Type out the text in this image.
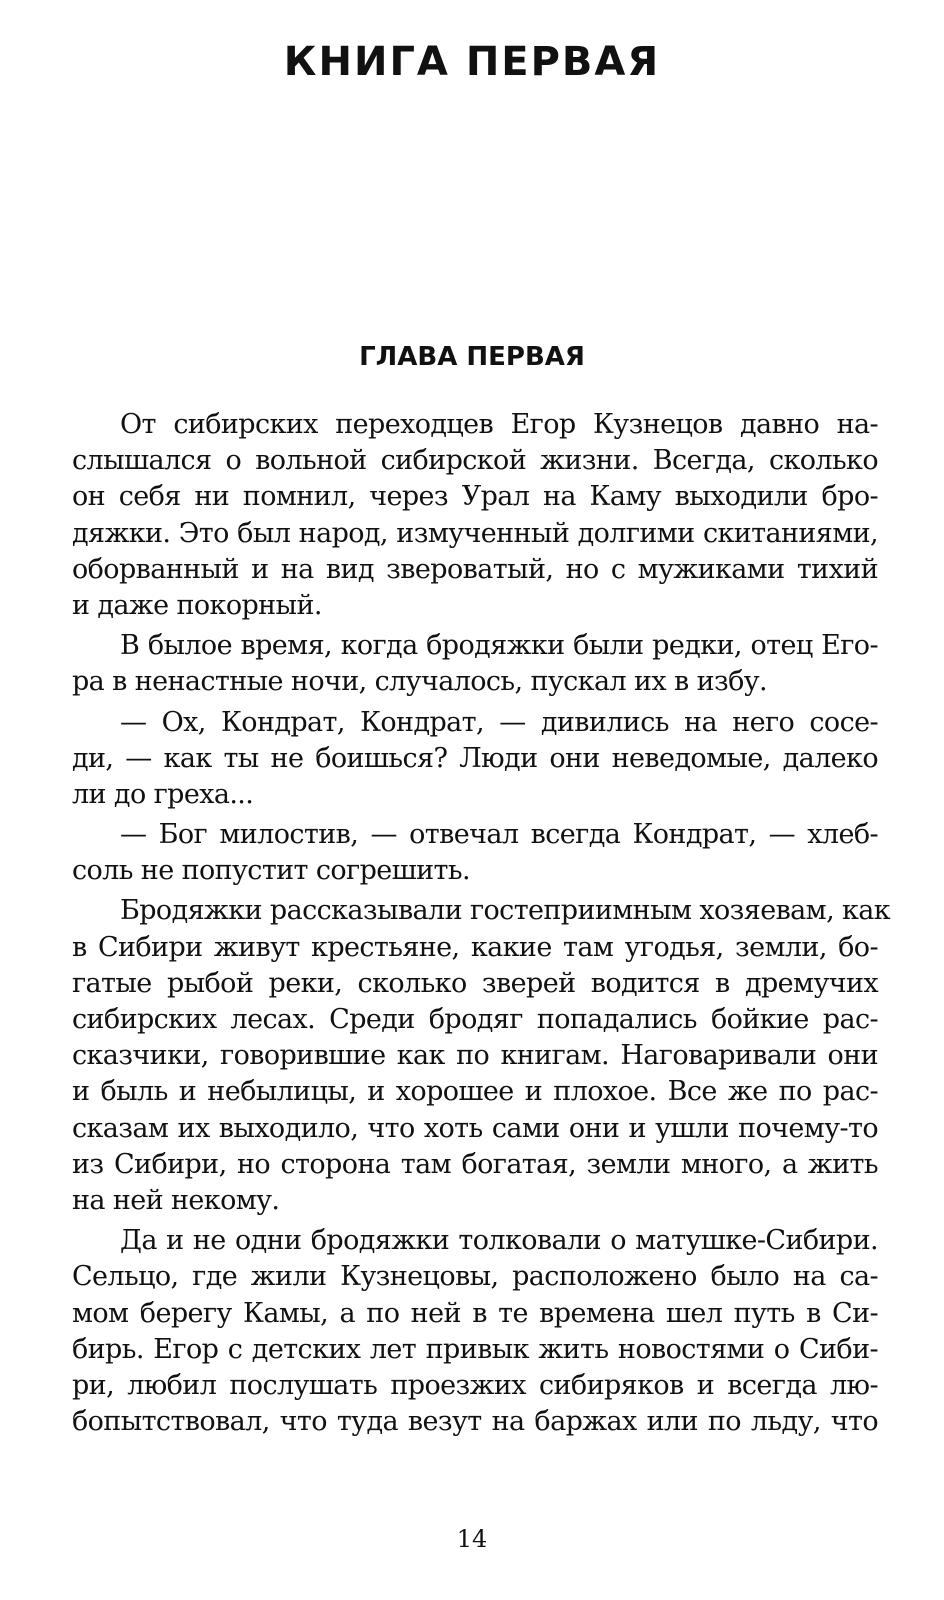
КНИГА ПЕРВАЯ
ГЛАВА ПЕРВАЯ
От сибирских переходцев Егор Кузнецов давно на-
слышался о вольной сибирской жизни. Всегда, сколько
он себя ни помнил, через Урал на Каму выходили бро-
дяжки. Это был народ, измученный долгими скитаниями,
оборванный и на вид звероватый, но с мужиками тихий
и даже покорный.
В былое время, когда бродяжки были редки, отец Его-
ра в ненастные ночи, случалось, пускал их в избу.
— Ох, Кондрат, Кондрат, — дивились на него сосе-
ди, — как ты не боишься? Люди они неведомые, далеко
ли до греха...
— Бог милостив, — отвечал всегда Кондрат, — хлеб-
соль не попустит согрешить.
Бродяжки рассказывали гостеприимным хозяевам, как
в Сибири живут крестьяне, какие там угодья, земли, бо-
гатые рыбой реки, сколько зверей водится в дремучих
сибирских лесах. Среди бродяг попадались бойкие рас-
сказчики, говорившие как по книгам. Наговаривали они
и быль и небылицы, и хорошее и плохое. Все же по рас-
сказам их выходило, что хоть сами они и ушли почему-то
из Сибири, но сторона там богатая, земли много, а жить
на ней некому.
Да и не одни бродяжки толковали о матушке-Сибири.
Сельцо, где жили Кузнецовы, расположено было на са-
мом берегу Камы, а по ней в те времена шел путь в Си-
бирь. Егор с детских лет привык жить новостями о Сиби-
ри, любил послушать проезжих сибиряков и всегда лю-
бопытствовал, что туда везут на баржах или по льду, что
14
